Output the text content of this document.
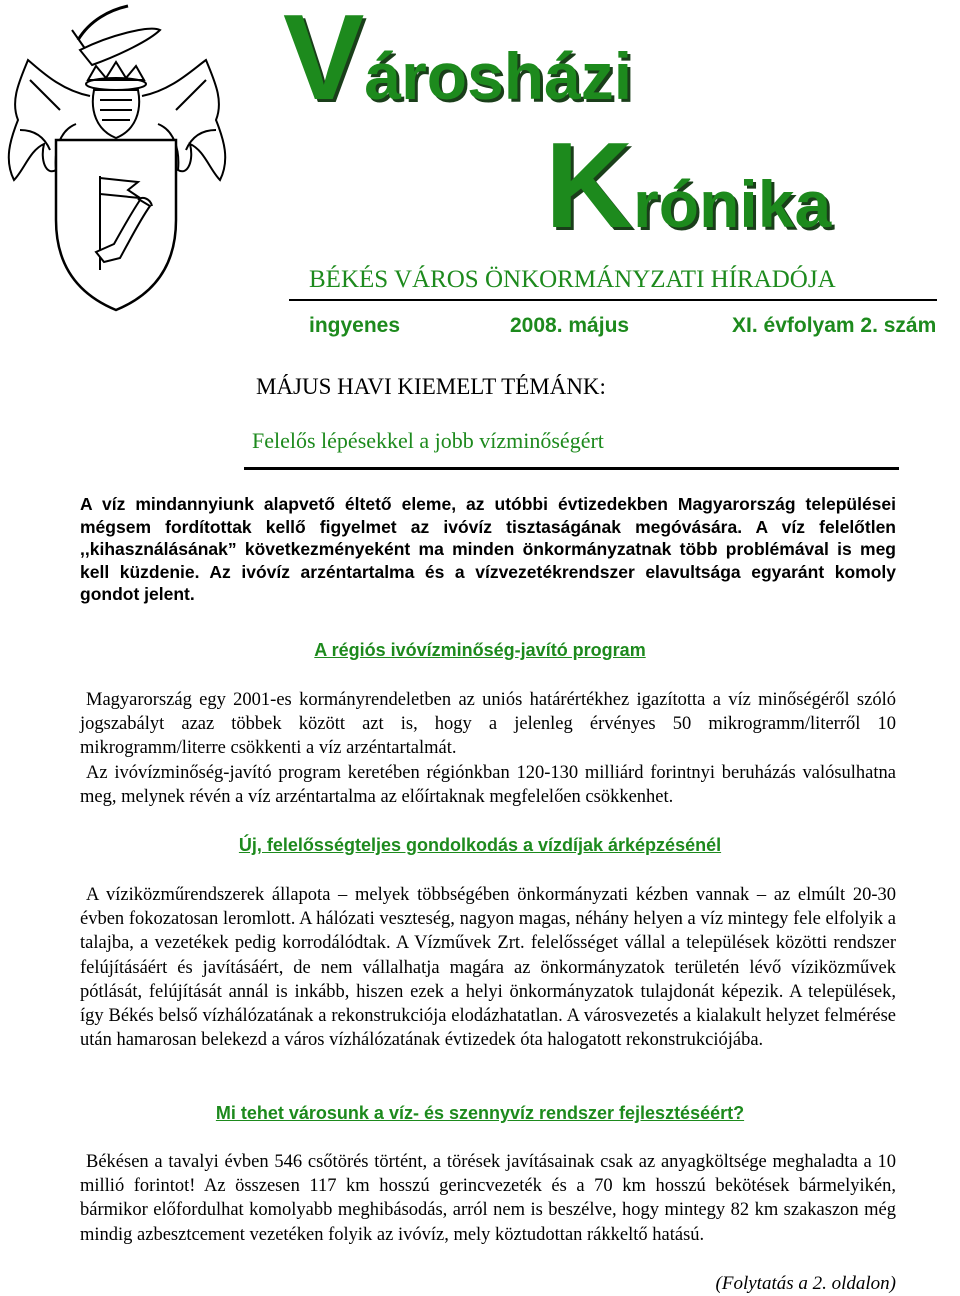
Városházi
Krónika
BÉKÉS VÁROS ÖNKORMÁNYZATI HÍRADÓJA
ingyenes	2008. május	XI. évfolyam 2. szám
MÁJUS HAVI KIEMELT TÉMÁNK:
Felelős lépésekkel a jobb vízminőségért
A víz mindannyiunk alapvető éltető eleme, az utóbbi évtizedekben Magyarország települései mégsem fordítottak kellő figyelmet az ivóvíz tisztaságának megóvására. A víz felelőtlen ,,kihasználásának” következményeként ma minden önkormányzatnak több problémával is meg kell küzdenie. Az ivóvíz arzéntartalma és a vízvezetékrendszer elavultsága egyaránt komoly gondot jelent.
A régiós ivóvízminőség-javító program

Magyarország egy 2001-es kormányrendeletben az uniós határértékhez igazította a víz minőségéről szóló jogszabályt azaz többek között azt is, hogy a jelenleg érvényes 50 mikrogramm/literről 10 mikrogramm/literre csökkenti a víz arzéntartalmát.

Az ivóvízminőség-javító program keretében régiónkban 120-130 milliárd forintnyi beruházás valósulhatna meg, melynek révén a víz arzéntartalma az előírtaknak megfelelően csökkenhet.

Új, felelősségteljes gondolkodás a vízdíjak árképzésénél

A víziközműrendszerek állapota – melyek többségében önkormányzati kézben vannak – az elmúlt 20-30 évben fokozatosan leromlott. A hálózati veszteség, nagyon magas, néhány helyen a víz mintegy fele elfolyik a talajba, a vezetékek pedig korrodálódtak. A Vízművek Zrt. felelősséget vállal a települések közötti rendszer felújításáért és javításáért, de nem vállalhatja magára az önkormányzatok területén lévő víziközművek pótlását, felújítását annál is inkább, hiszen ezek a helyi önkormányzatok tulajdonát képezik. A települések, így Békés belső vízhálózatának a rekonstrukciója elodázhatatlan. A városvezetés a kialakult helyzet felmérése után hamarosan belekezd a város vízhálózatának évtizedek óta halogatott rekonstrukciójába.

Mi tehet városunk a víz- és szennyvíz rendszer fejlesztéséért?

Békésen a tavalyi évben 546 csőtörés történt, a törések javításainak csak az anyagköltsége meghaladta a 10 millió forintot! Az összesen 117 km hosszú gerincvezeték és a 70 km hosszú bekötések bármelyikén, bármikor előfordulhat komolyabb meghibásodás, arról nem is beszélve, hogy mintegy 82 km szakaszon még mindig azbesztcement vezetéken folyik az ivóvíz, mely köztudottan rákkeltő hatású.

(Folytatás a 2. oldalon)
